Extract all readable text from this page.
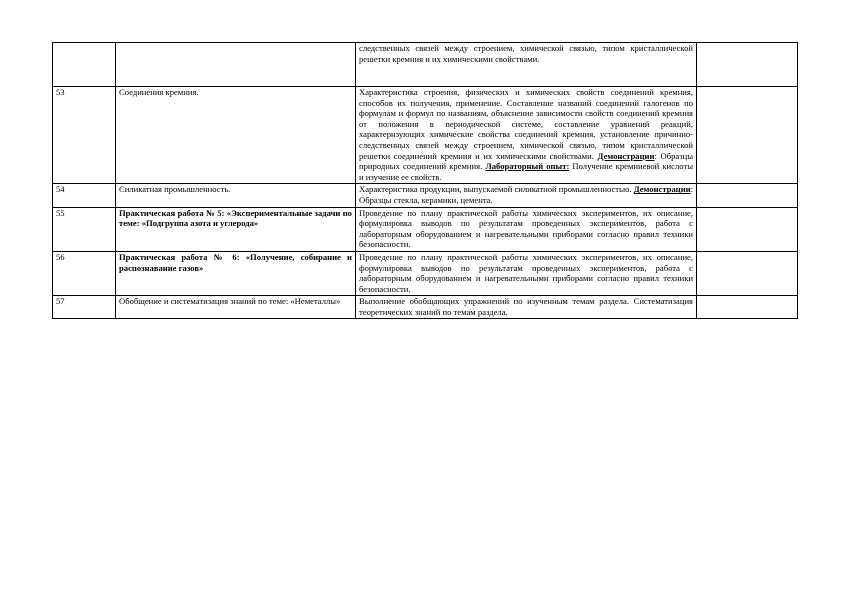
		следственных связей между строением, химической связью, типом кристаллической решетки кремния и их химическими свойствами.	
53	Соединения кремния.	Характеристика строения, физических и химических свойств соединений кремния, способов их получения, применение. Составление названий соединений галогенов по формулам и формул по названиям, объяснение зависимости свойств соединений кремния от положения в периодической системе, составление уравнений реакций, характеризующих химические свойства соединений кремния, установление причинно-следственных связей между строением, химической связью, типом кристаллической решетки соединений кремния и их химическими свойствами. Демонстрации: Образцы природных соединений кремния. Лабораторный опыт: Получение кремниевой кислоты и изучение ее свойств.	
54	Силикатная промышленность.	Характеристика продукции, выпускаемой силикатной промышленностью. Демонстрации: Образцы стекла, керамики, цемента.	
55	Практическая работа № 5: «Экспериментальные задачи по теме: «Подгруппа азота и углерода»	Проведение по плану практической работы химических экспериментов, их описание, формулировка выводов по результатам проведенных экспериментов, работа с лабораторным оборудованием и нагревательными приборами согласно правил техники безопасности.	
56	Практическая работа № 6: «Получение, собирание и распознавание газов»	Проведение по плану практической работы химических экспериментов, их описание, формулировка выводов по результатам проведенных экспериментов, работа с лабораторным оборудованием и нагревательными приборами согласно правил техники безопасности.	
57	Обобщение и систематизация знаний по теме: «Неметаллы»	Выполнение обобщающих упражнений по изученным темам раздела. Систематизация теоретических знаний по темам раздела.	
